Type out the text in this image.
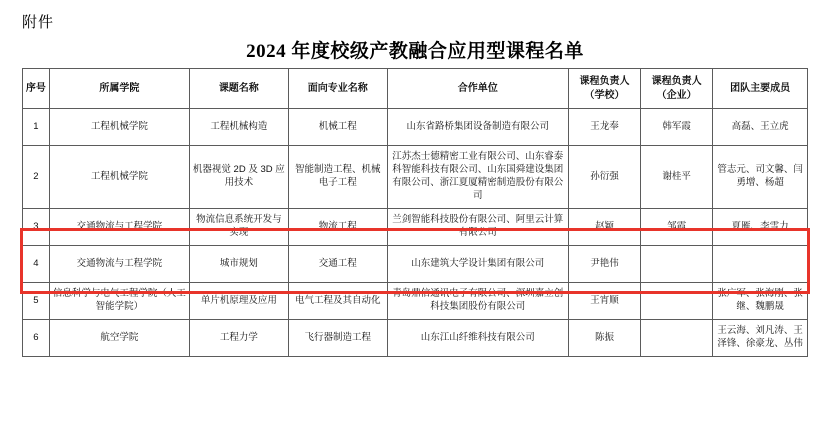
附件
2024 年度校级产教融合应用型课程名单
序号	所属学院	课题名称	面向专业名称	合作单位	课程负责人（学校）	课程负责人（企业）	团队主要成员
1	工程机械学院	工程机械构造	机械工程	山东省路桥集团设备制造有限公司	王龙奉	韩军霞	高磊、王立虎
2	工程机械学院	机器视觉 2D 及 3D 应用技术	智能制造工程、机械电子工程	江苏杰士德精密工业有限公司、山东睿泰科智能科技有限公司、山东国舜建设集团有限公司、浙江夏厦精密制造股份有限公司	孙衍强	谢桂平	管志元、司文馨、闫勇增、杨超
3	交通物流与工程学院	物流信息系统开发与实现	物流工程	兰剑智能科技股份有限公司、阿里云计算有限公司	赵颖	邹霞	夏雁、李雪力
4	交通物流与工程学院	城市规划	交通工程	山东建筑大学设计集团有限公司	尹艳伟		
5	信息科学与电气工程学院（人工智能学院）	单片机原理及应用	电气工程及其自动化	青岛鼎信通讯电子有限公司、深圳嘉立创科技集团股份有限公司	王宵顺		张广军、张海刚、张继、魏鹏晟
6	航空学院	工程力学	飞行器制造工程	山东江山纤维科技有限公司	陈振		王云海、刘凡涛、王泽锋、徐豪龙、丛伟
